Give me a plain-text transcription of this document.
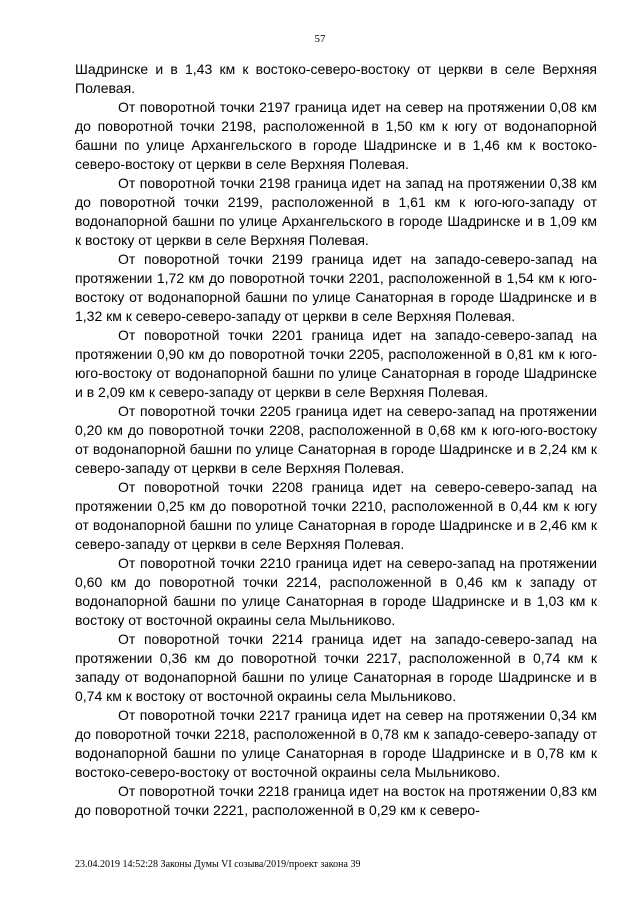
57

Шадринске и в 1,43 км к востоко-северо-востоку от церкви в селе Верхняя Полевая.

От поворотной точки 2197 граница идет на север на протяжении 0,08 км до поворотной точки 2198, расположенной в 1,50 км к югу от водонапорной башни по улице Архангельского в городе Шадринске и в 1,46 км к востоко-северо-востоку от церкви в селе Верхняя Полевая.

От поворотной точки 2198 граница идет на запад на протяжении 0,38 км до поворотной точки 2199, расположенной в 1,61 км к юго-юго-западу от водонапорной башни по улице Архангельского в городе Шадринске и в 1,09 км к востоку от церкви в селе Верхняя Полевая.

От поворотной точки 2199 граница идет на западо-северо-запад на протяжении 1,72 км до поворотной точки 2201, расположенной в 1,54 км к юго-востоку от водонапорной башни по улице Санаторная в городе Шадринске и в 1,32 км к северо-северо-западу от церкви в селе Верхняя Полевая.

От поворотной точки 2201 граница идет на западо-северо-запад на протяжении 0,90 км до поворотной точки 2205, расположенной в 0,81 км к юго-юго-востоку от водонапорной башни по улице Санаторная в городе Шадринске и в 2,09 км к северо-западу от церкви в селе Верхняя Полевая.

От поворотной точки 2205 граница идет на северо-запад на протяжении 0,20 км до поворотной точки 2208, расположенной в 0,68 км к юго-юго-востоку от водонапорной башни по улице Санаторная в городе Шадринске и в 2,24 км к северо-западу от церкви в селе Верхняя Полевая.

От поворотной точки 2208 граница идет на северо-северо-запад на протяжении 0,25 км до поворотной точки 2210, расположенной в 0,44 км к югу от водонапорной башни по улице Санаторная в городе Шадринске и в 2,46 км к северо-западу от церкви в селе Верхняя Полевая.

От поворотной точки 2210 граница идет на северо-запад на протяжении 0,60 км до поворотной точки 2214, расположенной в 0,46 км к западу от водонапорной башни по улице Санаторная в городе Шадринске и в 1,03 км к востоку от восточной окраины села Мыльниково.

От поворотной точки 2214 граница идет на западо-северо-запад на протяжении 0,36 км до поворотной точки 2217, расположенной в 0,74 км к западу от водонапорной башни по улице Санаторная в городе Шадринске и в 0,74 км к востоку от восточной окраины села Мыльниково.

От поворотной точки 2217 граница идет на север на протяжении 0,34 км до поворотной точки 2218, расположенной в 0,78 км к западо-северо-западу от водонапорной башни по улице Санаторная в городе Шадринске и в 0,78 км к востоко-северо-востоку от восточной окраины села Мыльниково.

От поворотной точки 2218 граница идет на восток на протяжении 0,83 км до поворотной точки 2221, расположенной в 0,29 км к северо-

23.04.2019 14:52:28 Законы Думы VI созыва/2019/проект закона 39
